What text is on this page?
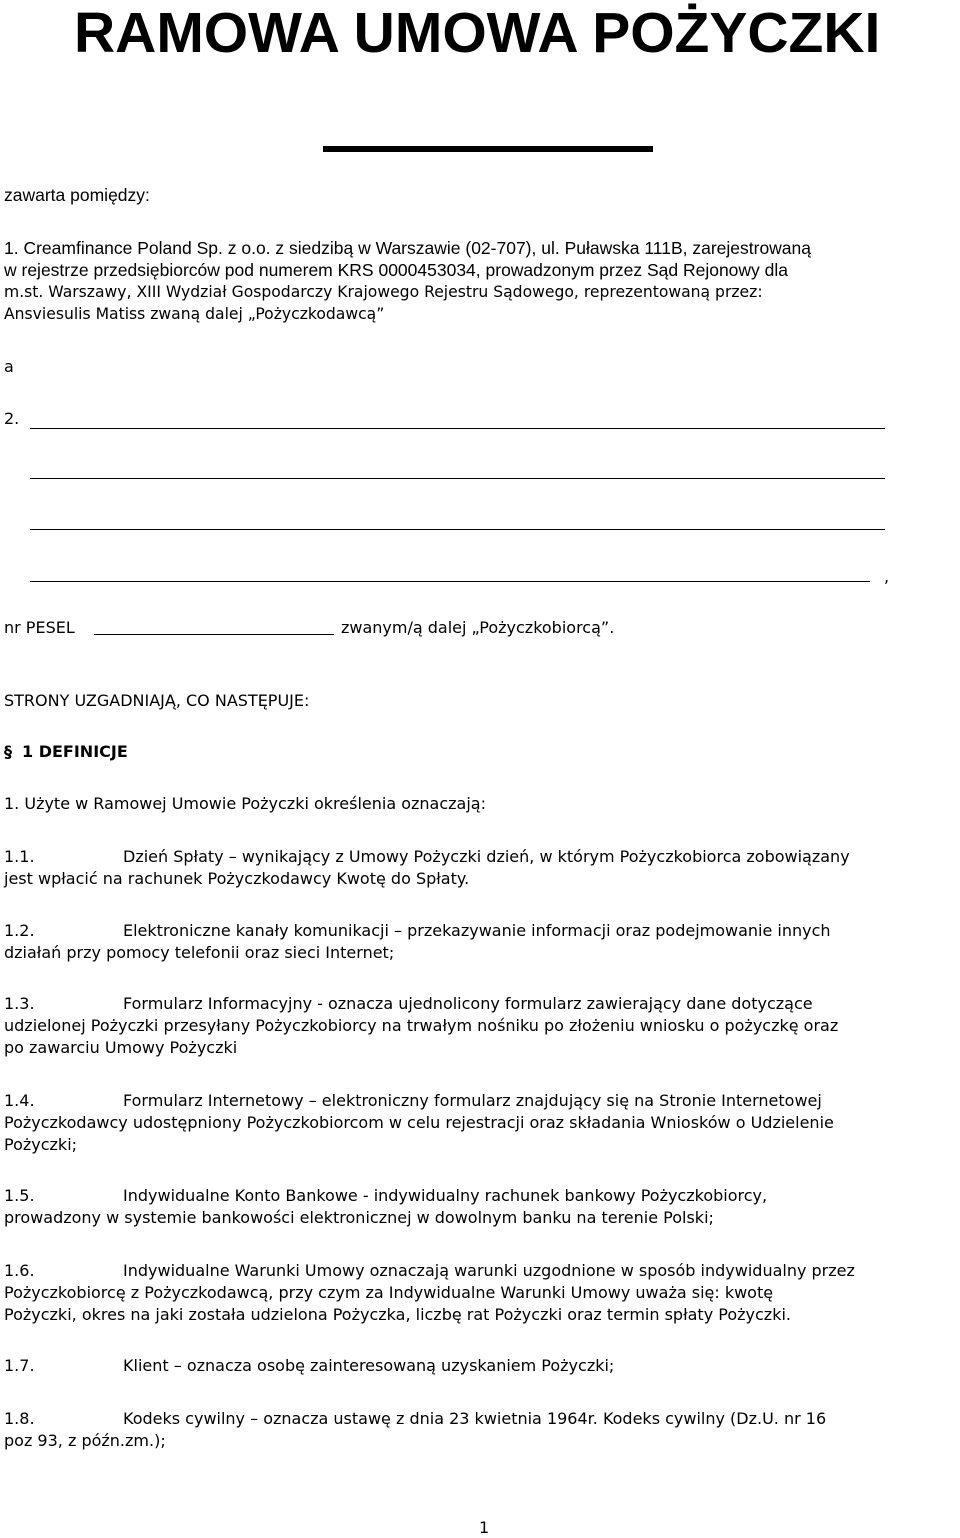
RAMOWA UMOWA POŻYCZKI
zawarta pomiędzy:
1. Creamfinance Poland Sp. z o.o. z siedzibą w Warszawie (02-707), ul. Puławska 111B, zarejestrowaną
w rejestrze przedsiębiorców pod numerem KRS 0000453034, prowadzonym przez Sąd Rejonowy dla
m.st. Warszawy, XIII Wydział Gospodarczy Krajowego Rejestru Sądowego, reprezentowaną przez:
Ansviesulis Matiss zwaną dalej „Pożyczkodawcą”
a
2.
,
nr PESEL	zwanym/ą dalej „Pożyczkobiorcą”.
STRONY UZGADNIAJĄ, CO NASTĘPUJE:
§ 1 DEFINICJE
1. Użyte w Ramowej Umowie Pożyczki określenia oznaczają:
1.1.	Dzień Spłaty – wynikający z Umowy Pożyczki dzień, w którym Pożyczkobiorca zobowiązany
jest wpłacić na rachunek Pożyczkodawcy Kwotę do Spłaty.
1.2.	Elektroniczne kanały komunikacji – przekazywanie informacji oraz podejmowanie innych
działań przy pomocy telefonii oraz sieci Internet;
1.3.	Formularz Informacyjny - oznacza ujednolicony formularz zawierający dane dotyczące
udzielonej Pożyczki przesyłany Pożyczkobiorcy na trwałym nośniku po złożeniu wniosku o pożyczkę oraz
po zawarciu Umowy Pożyczki
1.4.	Formularz Internetowy – elektroniczny formularz znajdujący się na Stronie Internetowej
Pożyczkodawcy udostępniony Pożyczkobiorcom w celu rejestracji oraz składania Wniosków o Udzielenie
Pożyczki;
1.5.	Indywidualne Konto Bankowe - indywidualny rachunek bankowy Pożyczkobiorcy,
prowadzony w systemie bankowości elektronicznej w dowolnym banku na terenie Polski;
1.6.	Indywidualne Warunki Umowy oznaczają warunki uzgodnione w sposób indywidualny przez
Pożyczkobiorcę z Pożyczkodawcą, przy czym za Indywidualne Warunki Umowy uważa się: kwotę
Pożyczki, okres na jaki została udzielona Pożyczka, liczbę rat Pożyczki oraz termin spłaty Pożyczki.
1.7.	Klient – oznacza osobę zainteresowaną uzyskaniem Pożyczki;
1.8.	Kodeks cywilny – oznacza ustawę z dnia 23 kwietnia 1964r. Kodeks cywilny (Dz.U. nr 16
poz 93, z późn.zm.);
1
